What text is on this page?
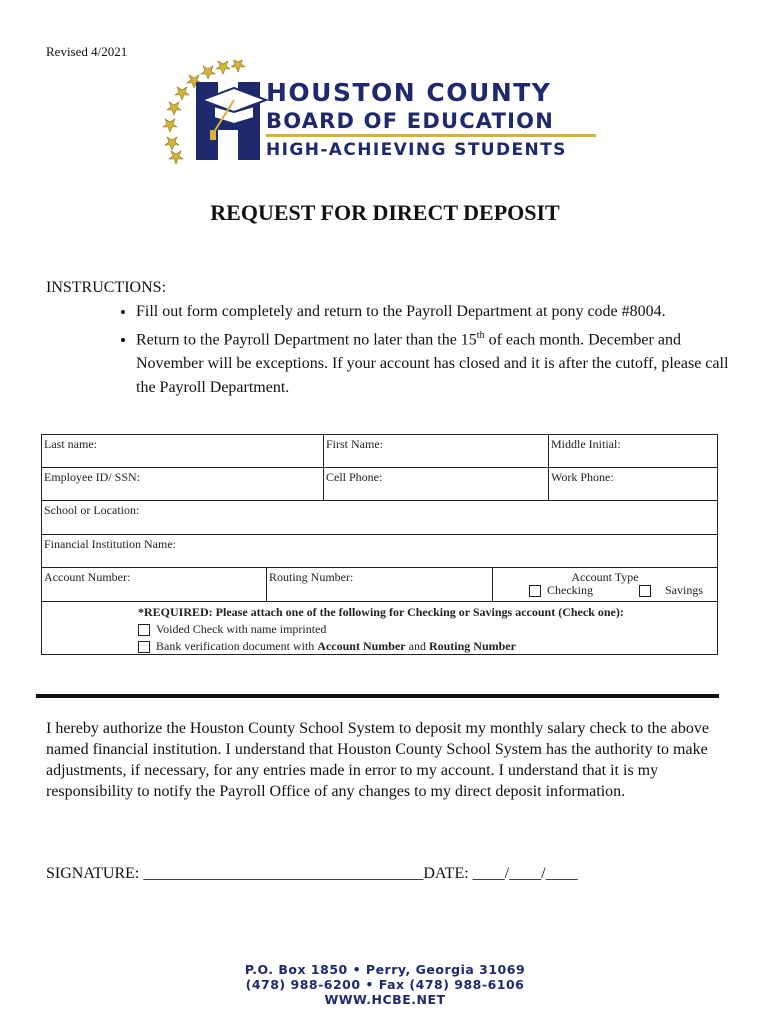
Revised 4/2021
HOUSTON COUNTY
BOARD OF EDUCATION
HIGH-ACHIEVING STUDENTS
REQUEST FOR DIRECT DEPOSIT
INSTRUCTIONS:
• Fill out form completely and return to the Payroll Department at pony code #8004.
• Return to the Payroll Department no later than the 15th of each month. December and November will be exceptions. If your account has closed and it is after the cutoff, please call the Payroll Department.
Last name:	First Name:	Middle Initial:
Employee ID/ SSN:	Cell Phone:	Work Phone:
School or Location:
Financial Institution Name:
Account Number:	Routing Number:	Account Type
Checking	Savings
*REQUIRED: Please attach one of the following for Checking or Savings account (Check one):
Voided Check with name imprinted
Bank verification document with Account Number and Routing Number
I hereby authorize the Houston County School System to deposit my monthly salary check to the above named financial institution. I understand that Houston County School System has the authority to make adjustments, if necessary, for any entries made in error to my account. I understand that it is my responsibility to notify the Payroll Office of any changes to my direct deposit information.
SIGNATURE: ___________________________________DATE: ____/____/____
P.O. Box 1850 • Perry, Georgia 31069
(478) 988-6200 • Fax (478) 988-6106
WWW.HCBE.NET
